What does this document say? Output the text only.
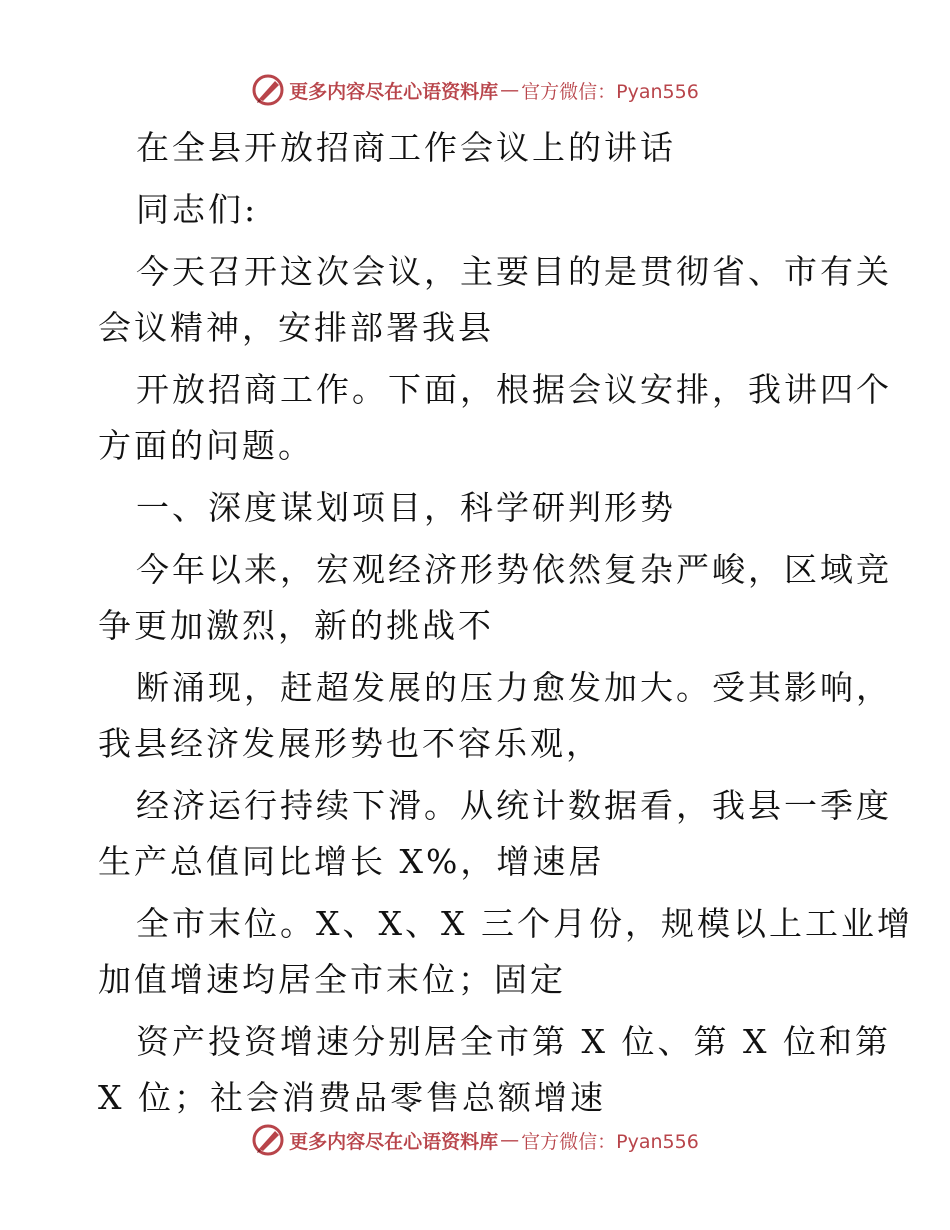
更多内容尽在心语资料库 — 官方微信：Pyan556

在全县开放招商工作会议上的讲话

同志们:

今天召开这次会议，主要目的是贯彻省、市有关
会议精神，安排部署我县

开放招商工作。下面，根据会议安排，我讲四个
方面的问题。

一、深度谋划项目，科学研判形势

今年以来，宏观经济形势依然复杂严峻，区域竞
争更加激烈，新的挑战不

断涌现，赶超发展的压力愈发加大。受其影响，
我县经济发展形势也不容乐观，

经济运行持续下滑。从统计数据看，我县一季度
生产总值同比增长 X%，增速居

全市末位。X、X、X 三个月份，规模以上工业增
加值增速均居全市末位；固定

资产投资增速分别居全市第 X 位、第 X 位和第
X 位；社会消费品零售总额增速

更多内容尽在心语资料库 — 官方微信：Pyan556
